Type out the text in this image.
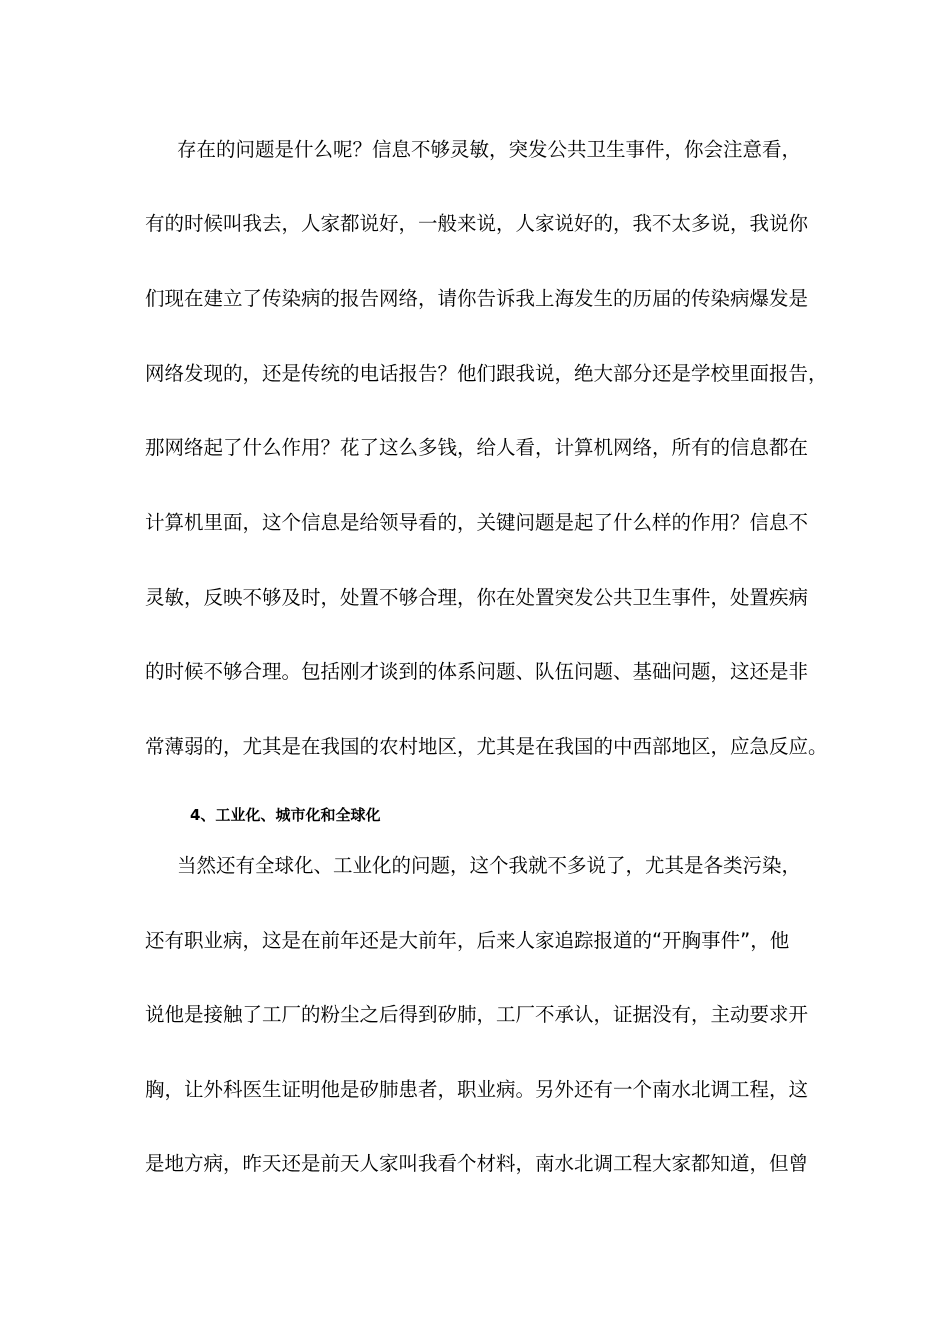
存在的问题是什么呢？信息不够灵敏，突发公共卫生事件，你会注意看，
有的时候叫我去，人家都说好，一般来说，人家说好的，我不太多说，我说你
们现在建立了传染病的报告网络，请你告诉我上海发生的历届的传染病爆发是
网络发现的，还是传统的电话报告？他们跟我说，绝大部分还是学校里面报告，
那网络起了什么作用？花了这么多钱，给人看，计算机网络，所有的信息都在
计算机里面，这个信息是给领导看的，关键问题是起了什么样的作用？信息不
灵敏，反映不够及时，处置不够合理，你在处置突发公共卫生事件，处置疾病
的时候不够合理。包括刚才谈到的体系问题、队伍问题、基础问题，这还是非
常薄弱的，尤其是在我国的农村地区，尤其是在我国的中西部地区，应急反应。
4、工业化、城市化和全球化
当然还有全球化、工业化的问题，这个我就不多说了，尤其是各类污染，
还有职业病，这是在前年还是大前年，后来人家追踪报道的“开胸事件”，他
说他是接触了工厂的粉尘之后得到矽肺，工厂不承认，证据没有，主动要求开
胸，让外科医生证明他是矽肺患者，职业病。另外还有一个南水北调工程，这
是地方病，昨天还是前天人家叫我看个材料，南水北调工程大家都知道，但曾
